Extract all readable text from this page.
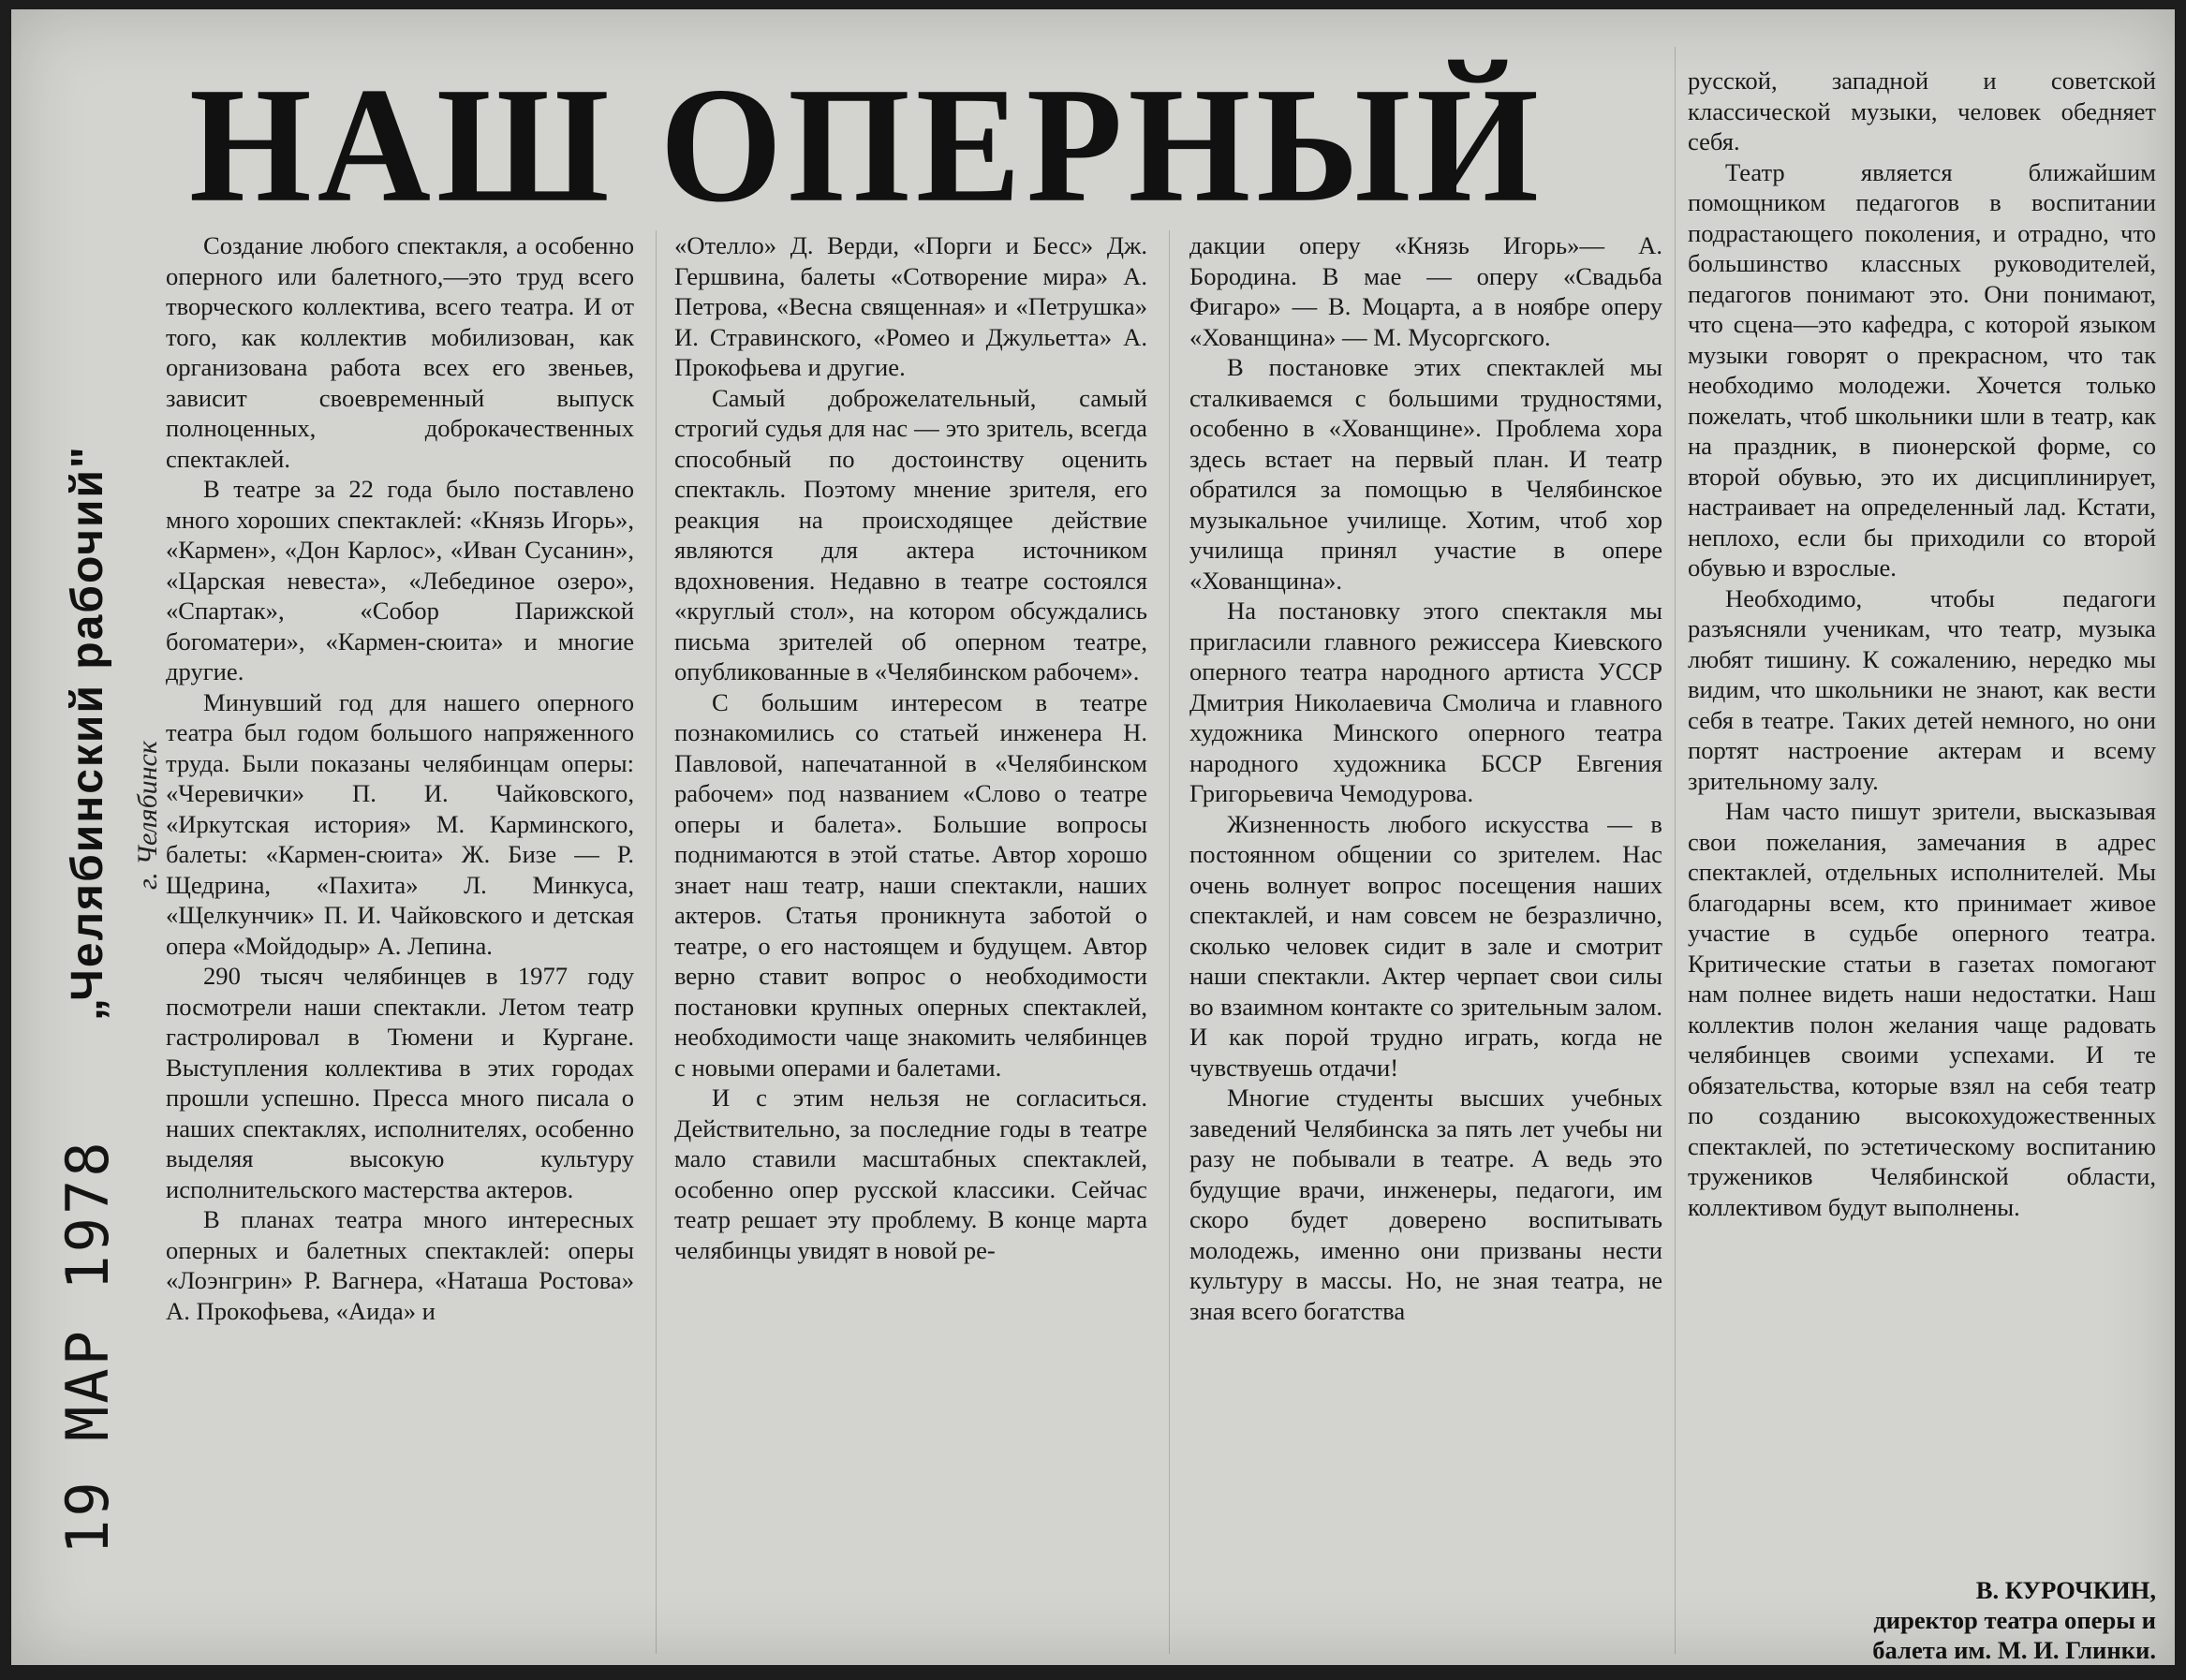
НАШ ОПЕРНЫЙ
„Челябинский рабочий" г. Челябинск
19 МАР 1978

Создание любого спектакля, а особенно оперного или балетного,—это труд всего творческого коллектива, всего театра. И от того, как коллектив мобилизован, как организована работа всех его звеньев, зависит своевременный выпуск полноценных, доброкачественных спектаклей.

В театре за 22 года было поставлено много хороших спектаклей: «Князь Игорь», «Кармен», «Дон Карлос», «Иван Сусанин», «Царская невеста», «Лебединое озеро», «Спартак», «Собор Парижской богоматери», «Кармен-сюита» и многие другие.

Минувший год для нашего оперного театра был годом большого напряженного труда. Были показаны челябинцам оперы: «Черевички» П. И. Чайковского, «Иркутская история» М. Карминского, балеты: «Кармен-сюита» Ж. Бизе — Р. Щедрина, «Пахита» Л. Минкуса, «Щелкунчик» П. И. Чайковского и детская опера «Мойдодыр» А. Лепина.

290 тысяч челябинцев в 1977 году посмотрели наши спектакли. Летом театр гастролировал в Тюмени и Кургане. Выступления коллектива в этих городах прошли успешно. Пресса много писала о наших спектаклях, исполнителях, особенно выделяя высокую культуру исполнительского мастерства актеров.

В планах театра много интересных оперных и балетных спектаклей: оперы «Лоэнгрин» Р. Вагнера, «Наташа Ростова» А. Прокофьева, «Аида» и

«Отелло» Д. Верди, «Порги и Бесс» Дж. Гершвина, балеты «Сотворение мира» А. Петрова, «Весна священная» и «Петрушка» И. Стравинского, «Ромео и Джульетта» А. Прокофьева и другие.

Самый доброжелательный, самый строгий судья для нас — это зритель, всегда способный по достоинству оценить спектакль. Поэтому мнение зрителя, его реакция на происходящее действие являются для актера источником вдохновения. Недавно в театре состоялся «круглый стол», на котором обсуждались письма зрителей об оперном театре, опубликованные в «Челябинском рабочем».

С большим интересом в театре познакомились со статьей инженера Н. Павловой, напечатанной в «Челябинском рабочем» под названием «Слово о театре оперы и балета». Большие вопросы поднимаются в этой статье. Автор хорошо знает наш театр, наши спектакли, наших актеров. Статья проникнута заботой о театре, о его настоящем и будущем. Автор верно ставит вопрос о необходимости постановки крупных оперных спектаклей, необходимости чаще знакомить челябинцев с новыми операми и балетами.

И с этим нельзя не согласиться. Действительно, за последние годы в театре мало ставили масштабных спектаклей, особенно опер русской классики. Сейчас театр решает эту проблему. В конце марта челябинцы увидят в новой ре-

дакции оперу «Князь Игорь»— А. Бородина. В мае — оперу «Свадьба Фигаро» — В. Моцарта, а в ноябре оперу «Хованщина» — М. Мусоргского.

В постановке этих спектаклей мы сталкиваемся с большими трудностями, особенно в «Хованщине». Проблема хора здесь встает на первый план. И театр обратился за помощью в Челябинское музыкальное училище. Хотим, чтоб хор училища принял участие в опере «Хованщина».

На постановку этого спектакля мы пригласили главного режиссера Киевского оперного театра народного артиста УССР Дмитрия Николаевича Смолича и главного художника Минского оперного театра народного художника БССР Евгения Григорьевича Чемодурова.

Жизненность любого искусства — в постоянном общении со зрителем. Нас очень волнует вопрос посещения наших спектаклей, и нам совсем не безразлично, сколько человек сидит в зале и смотрит наши спектакли. Актер черпает свои силы во взаимном контакте со зрительным залом. И как порой трудно играть, когда не чувствуешь отдачи!

Многие студенты высших учебных заведений Челябинска за пять лет учебы ни разу не побывали в театре. А ведь это будущие врачи, инженеры, педагоги, им скоро будет доверено воспитывать молодежь, именно они призваны нести культуру в массы. Но, не зная театра, не зная всего богатства

русской, западной и советской классической музыки, человек обедняет себя.

Театр является ближайшим помощником педагогов в воспитании подрастающего поколения, и отрадно, что большинство классных руководителей, педагогов понимают это. Они понимают, что сцена—это кафедра, с которой языком музыки говорят о прекрасном, что так необходимо молодежи. Хочется только пожелать, чтоб школьники шли в театр, как на праздник, в пионерской форме, со второй обувью, это их дисциплинирует, настраивает на определенный лад. Кстати, неплохо, если бы приходили со второй обувью и взрослые.

Необходимо, чтобы педагоги разъясняли ученикам, что театр, музыка любят тишину. К сожалению, нередко мы видим, что школьники не знают, как вести себя в театре. Таких детей немного, но они портят настроение актерам и всему зрительному залу.

Нам часто пишут зрители, высказывая свои пожелания, замечания в адрес спектаклей, отдельных исполнителей. Мы благодарны всем, кто принимает живое участие в судьбе оперного театра. Критические статьи в газетах помогают нам полнее видеть наши недостатки. Наш коллектив полон желания чаще радовать челябинцев своими успехами. И те обязательства, которые взял на себя театр по созданию высокохудожественных спектаклей, по эстетическому воспитанию тружеников Челябинской области, коллективом будут выполнены.

В. КУРОЧКИН,
директор театра оперы и
балета им. М. И. Глинки.
